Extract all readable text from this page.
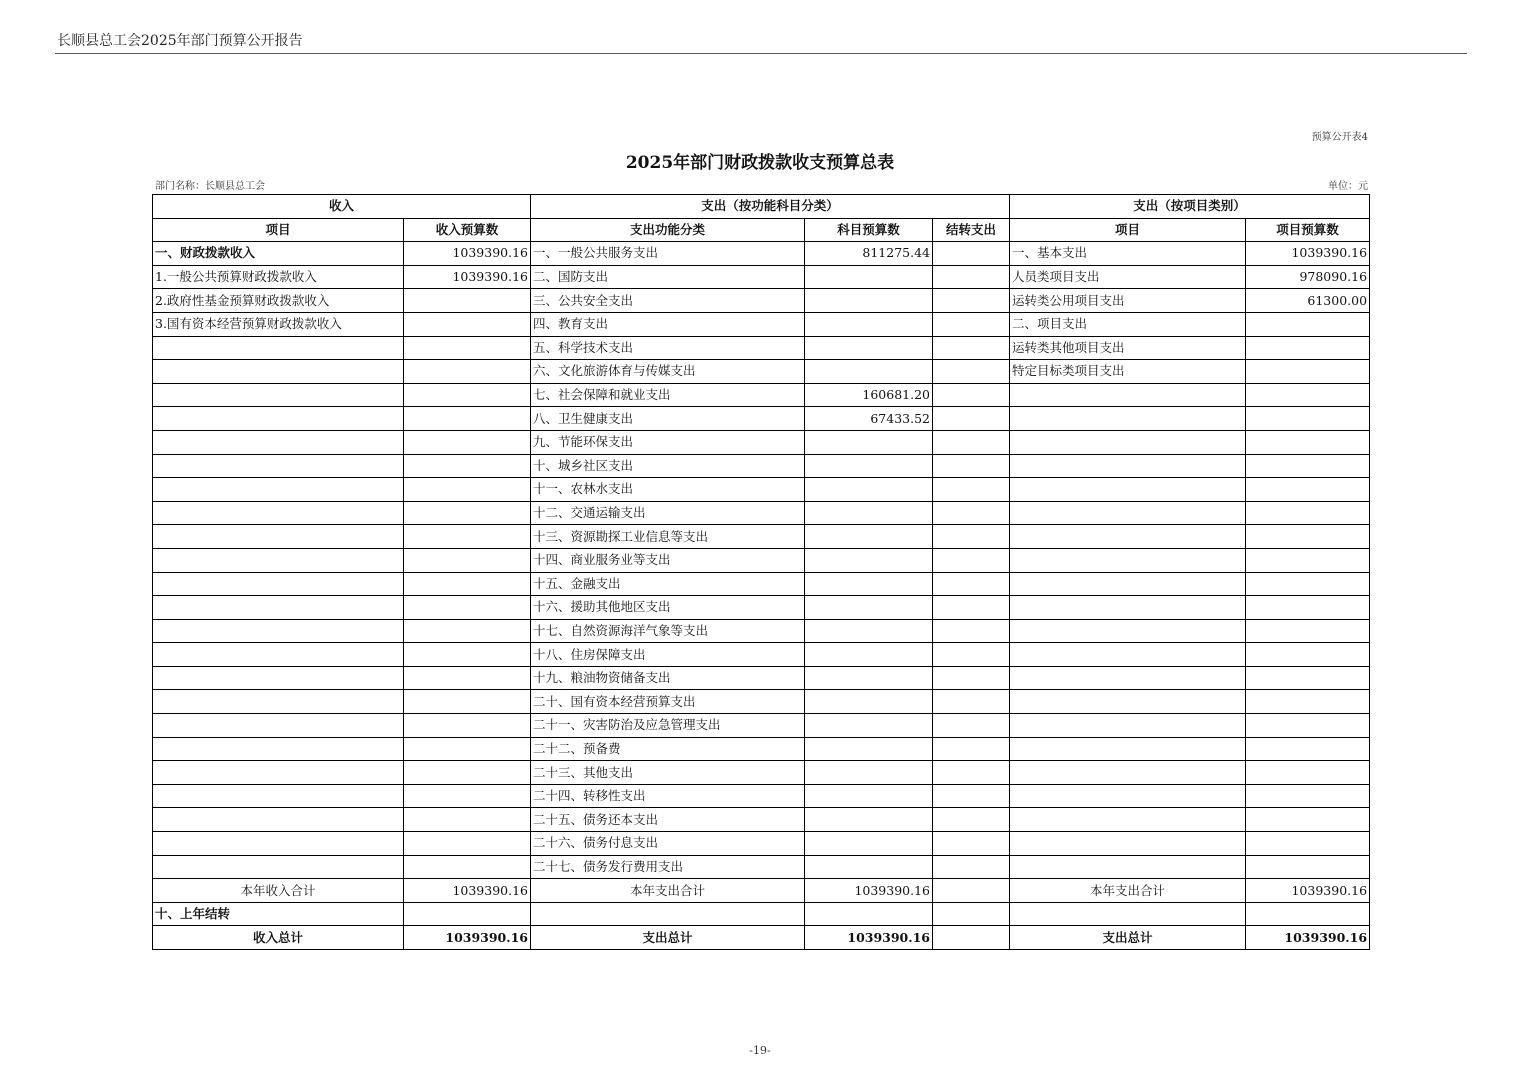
长顺县总工会2025年部门预算公开报告
预算公开表4
2025年部门财政拨款收支预算总表
部门名称：长顺县总工会	单位：元
收入		支出（按功能科目分类）			支出（按项目类别）	
项目	收入预算数	支出功能分类	科目预算数	结转支出	项目	项目预算数
一、财政拨款收入	1039390.16	一、一般公共服务支出	811275.44		一、基本支出	1039390.16
1.一般公共预算财政拨款收入	1039390.16	二、国防支出			人员类项目支出	978090.16
2.政府性基金预算财政拨款收入		三、公共安全支出			运转类公用项目支出	61300.00
3.国有资本经营预算财政拨款收入		四、教育支出			二、项目支出	
		五、科学技术支出			运转类其他项目支出	
		六、文化旅游体育与传媒支出			特定目标类项目支出	
		七、社会保障和就业支出	160681.20			
		八、卫生健康支出	67433.52			
		九、节能环保支出				
		十、城乡社区支出				
		十一、农林水支出				
		十二、交通运输支出				
		十三、资源勘探工业信息等支出				
		十四、商业服务业等支出				
		十五、金融支出				
		十六、援助其他地区支出				
		十七、自然资源海洋气象等支出				
		十八、住房保障支出				
		十九、粮油物资储备支出				
		二十、国有资本经营预算支出				
		二十一、灾害防治及应急管理支出				
		二十二、预备费				
		二十三、其他支出				
		二十四、转移性支出				
		二十五、债务还本支出				
		二十六、债务付息支出				
		二十七、债务发行费用支出				
本年收入合计	1039390.16	本年支出合计	1039390.16		本年支出合计	1039390.16
十、上年结转						
收入总计	1039390.16	支出总计	1039390.16		支出总计	1039390.16
-19-
